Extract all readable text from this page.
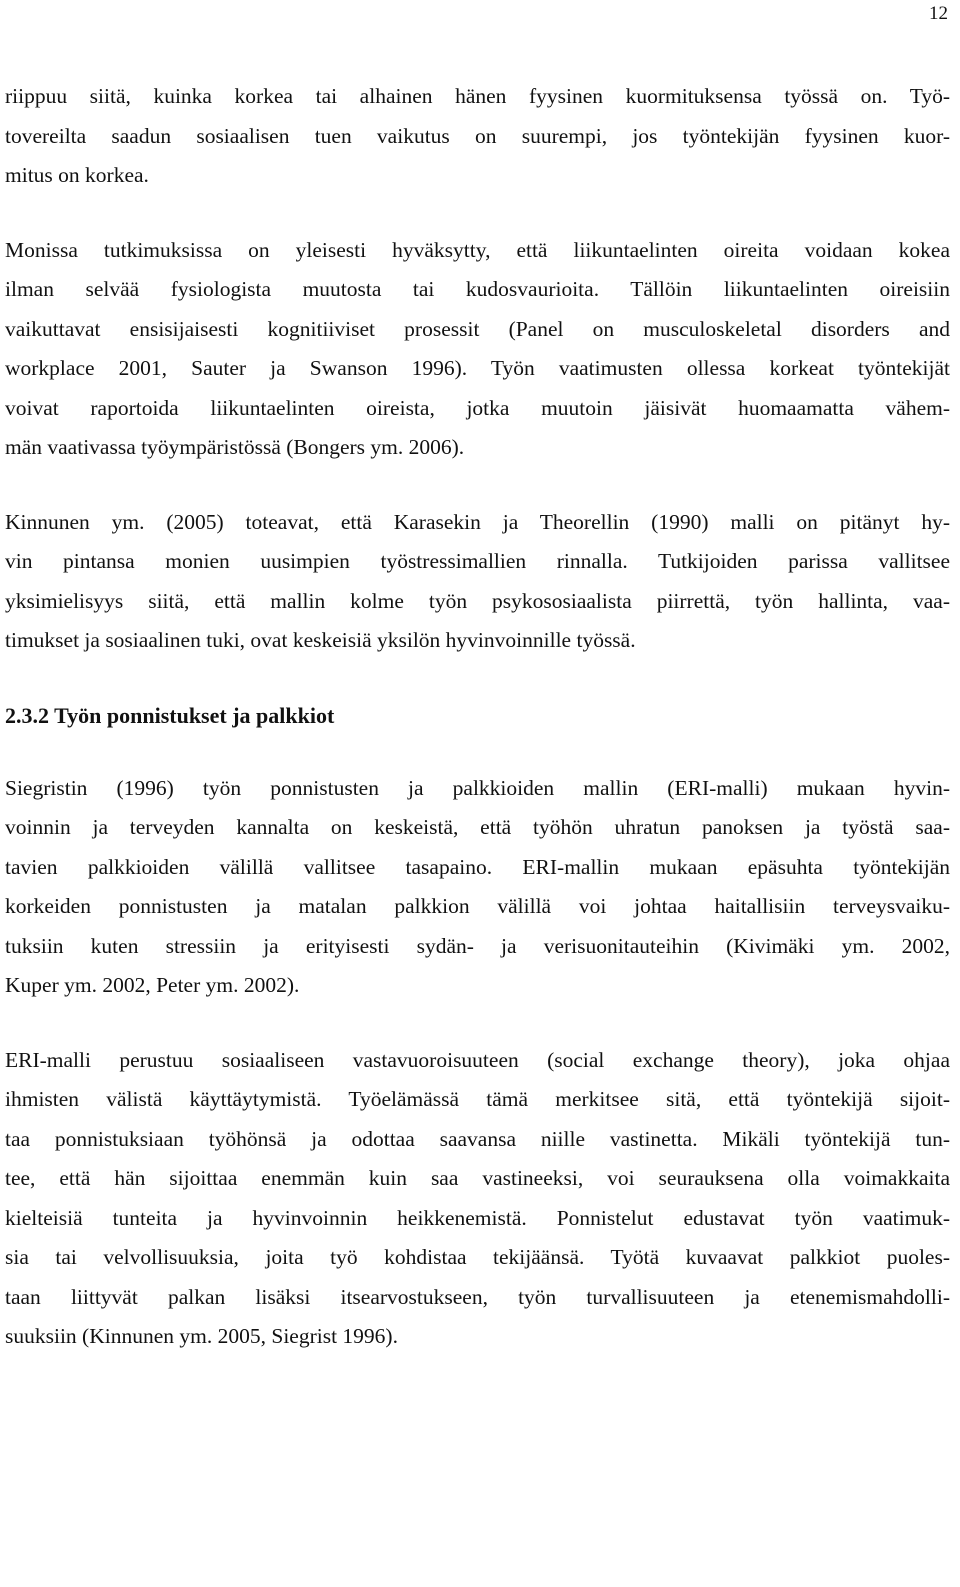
12

riippuu siitä, kuinka korkea tai alhainen hänen fyysinen kuormituksensa työssä on. Työ-
tovereilta saadun sosiaalisen tuen vaikutus on suurempi, jos työntekijän fyysinen kuor-
mitus on korkea.

Monissa tutkimuksissa on yleisesti hyväksytty, että liikuntaelinten oireita voidaan kokea
ilman selvää fysiologista muutosta tai kudosvaurioita. Tällöin liikuntaelinten oireisiin
vaikuttavat ensisijaisesti kognitiiviset prosessit (Panel on musculoskeletal disorders and
workplace 2001, Sauter ja Swanson 1996). Työn vaatimusten ollessa korkeat työntekijät
voivat raportoida liikuntaelinten oireista, jotka muutoin jäisivät huomaamatta vähem-
män vaativassa työympäristössä (Bongers ym. 2006).

Kinnunen ym. (2005) toteavat, että Karasekin ja Theorellin (1990) malli on pitänyt hy-
vin pintansa monien uusimpien työstressimallien rinnalla. Tutkijoiden parissa vallitsee
yksimielisyys siitä, että mallin kolme työn psykososiaalista piirrettä, työn hallinta, vaa-
timukset ja sosiaalinen tuki, ovat keskeisiä yksilön hyvinvoinnille työssä.

2.3.2 Työn ponnistukset ja palkkiot

Siegristin (1996) työn ponnistusten ja palkkioiden mallin (ERI-malli) mukaan hyvin-
voinnin ja terveyden kannalta on keskeistä, että työhön uhratun panoksen ja työstä saa-
tavien palkkioiden välillä vallitsee tasapaino. ERI-mallin mukaan epäsuhta työntekijän
korkeiden ponnistusten ja matalan palkkion välillä voi johtaa haitallisiin terveysvaiku-
tuksiin kuten stressiin ja erityisesti sydän- ja verisuonitauteihin (Kivimäki ym. 2002,
Kuper ym. 2002, Peter ym. 2002).

ERI-malli perustuu sosiaaliseen vastavuoroisuuteen (social exchange theory), joka ohjaa
ihmisten välistä käyttäytymistä. Työelämässä tämä merkitsee sitä, että työntekijä sijoit-
taa ponnistuksiaan työhönsä ja odottaa saavansa niille vastinetta. Mikäli työntekijä tun-
tee, että hän sijoittaa enemmän kuin saa vastineeksi, voi seurauksena olla voimakkaita
kielteisiä tunteita ja hyvinvoinnin heikkenemistä. Ponnistelut edustavat työn vaatimuk-
sia tai velvollisuuksia, joita työ kohdistaa tekijäänsä. Työtä kuvaavat palkkiot puoles-
taan liittyvät palkan lisäksi itsearvostukseen, työn turvallisuuteen ja etenemismahdolli-
suuksiin (Kinnunen ym. 2005, Siegrist 1996).
